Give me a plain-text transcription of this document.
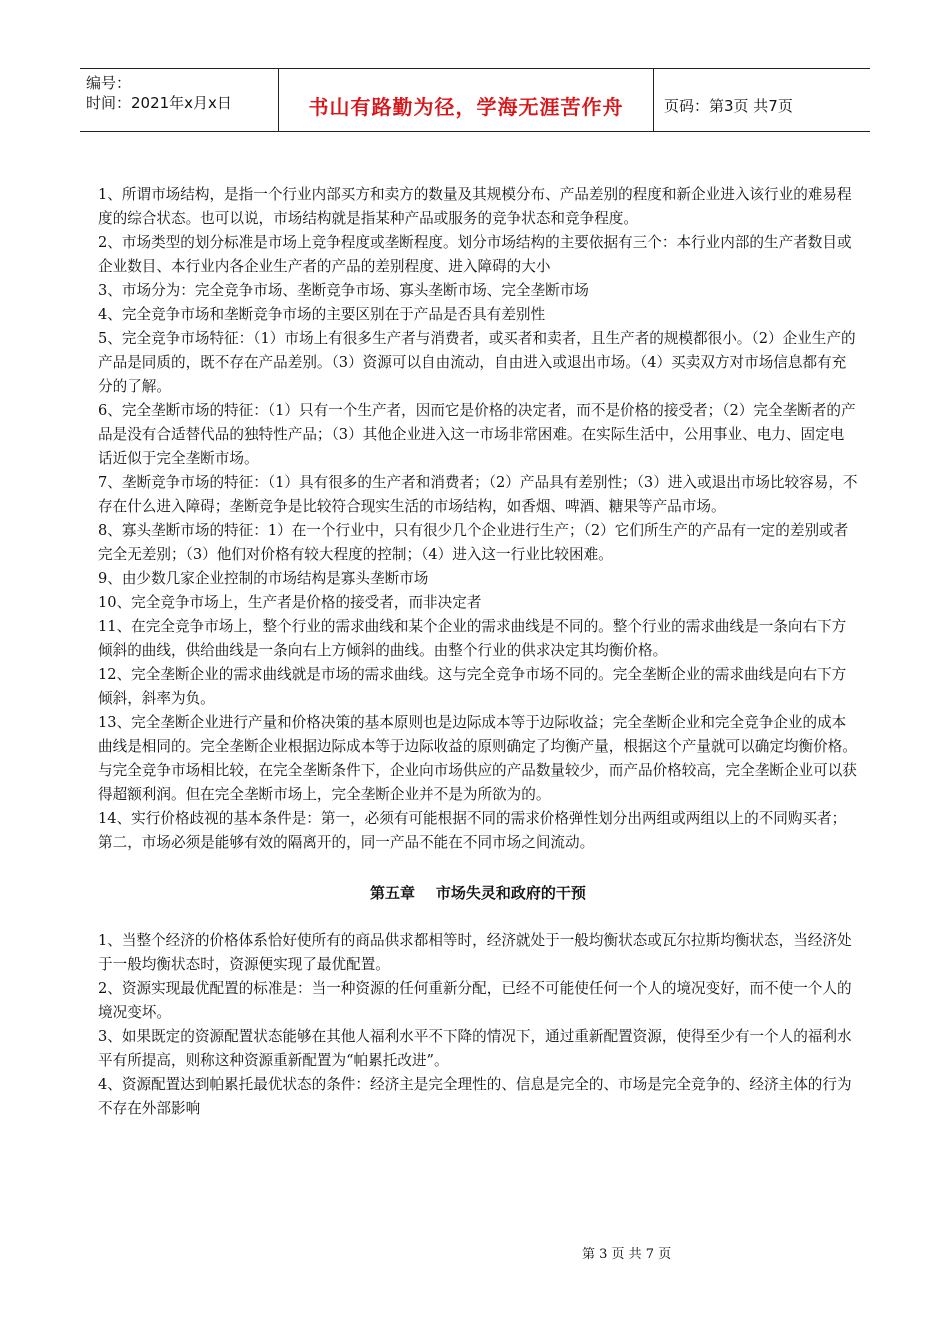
编号：
时间：2021年x月x日	书山有路勤为径，学海无涯苦作舟	页码：第3页 共7页

1、所谓市场结构，是指一个行业内部买方和卖方的数量及其规模分布、产品差别的程度和新企业进入该行业的难易程度的综合状态。也可以说，市场结构就是指某种产品或服务的竞争状态和竞争程度。

2、市场类型的划分标准是市场上竞争程度或垄断程度。划分市场结构的主要依据有三个：本行业内部的生产者数目或企业数目、本行业内各企业生产者的产品的差别程度、进入障碍的大小

3、市场分为：完全竞争市场、垄断竞争市场、寡头垄断市场、完全垄断市场

4、完全竞争市场和垄断竞争市场的主要区别在于产品是否具有差别性

5、完全竞争市场特征：（1）市场上有很多生产者与消费者，或买者和卖者，且生产者的规模都很小。（2）企业生产的产品是同质的，既不存在产品差别。（3）资源可以自由流动，自由进入或退出市场。（4）买卖双方对市场信息都有充分的了解。

6、完全垄断市场的特征：（1）只有一个生产者，因而它是价格的决定者，而不是价格的接受者；（2）完全垄断者的产品是没有合适替代品的独特性产品；（3）其他企业进入这一市场非常困难。在实际生活中，公用事业、电力、固定电话近似于完全垄断市场。

7、垄断竞争市场的特征：（1）具有很多的生产者和消费者；（2）产品具有差别性；（3）进入或退出市场比较容易，不存在什么进入障碍；垄断竞争是比较符合现实生活的市场结构，如香烟、啤酒、糖果等产品市场。

8、寡头垄断市场的特征：1）在一个行业中，只有很少几个企业进行生产；（2）它们所生产的产品有一定的差别或者完全无差别；（3）他们对价格有较大程度的控制；（4）进入这一行业比较困难。

9、由少数几家企业控制的市场结构是寡头垄断市场

10、完全竞争市场上，生产者是价格的接受者，而非决定者

11、在完全竞争市场上，整个行业的需求曲线和某个企业的需求曲线是不同的。整个行业的需求曲线是一条向右下方倾斜的曲线，供给曲线是一条向右上方倾斜的曲线。由整个行业的供求决定其均衡价格。

12、完全垄断企业的需求曲线就是市场的需求曲线。这与完全竞争市场不同的。完全垄断企业的需求曲线是向右下方倾斜，斜率为负。

13、完全垄断企业进行产量和价格决策的基本原则也是边际成本等于边际收益；完全垄断企业和完全竞争企业的成本曲线是相同的。完全垄断企业根据边际成本等于边际收益的原则确定了均衡产量，根据这个产量就可以确定均衡价格。与完全竞争市场相比较，在完全垄断条件下，企业向市场供应的产品数量较少，而产品价格较高，完全垄断企业可以获得超额利润。但在完全垄断市场上，完全垄断企业并不是为所欲为的。

14、实行价格歧视的基本条件是：第一，必须有可能根据不同的需求价格弹性划分出两组或两组以上的不同购买者；第二，市场必须是能够有效的隔离开的，同一产品不能在不同市场之间流动。

第五章    市场失灵和政府的干预

1、当整个经济的价格体系恰好使所有的商品供求都相等时，经济就处于一般均衡状态或瓦尔拉斯均衡状态，当经济处于一般均衡状态时，资源便实现了最优配置。

2、资源实现最优配置的标准是：当一种资源的任何重新分配，已经不可能使任何一个人的境况变好，而不使一个人的境况变坏。

3、如果既定的资源配置状态能够在其他人福利水平不下降的情况下，通过重新配置资源，使得至少有一个人的福利水平有所提高，则称这种资源重新配置为“帕累托改进”。

4、资源配置达到帕累托最优状态的条件：经济主是完全理性的、信息是完全的、市场是完全竞争的、经济主体的行为不存在外部影响

第 3 页 共 7 页
